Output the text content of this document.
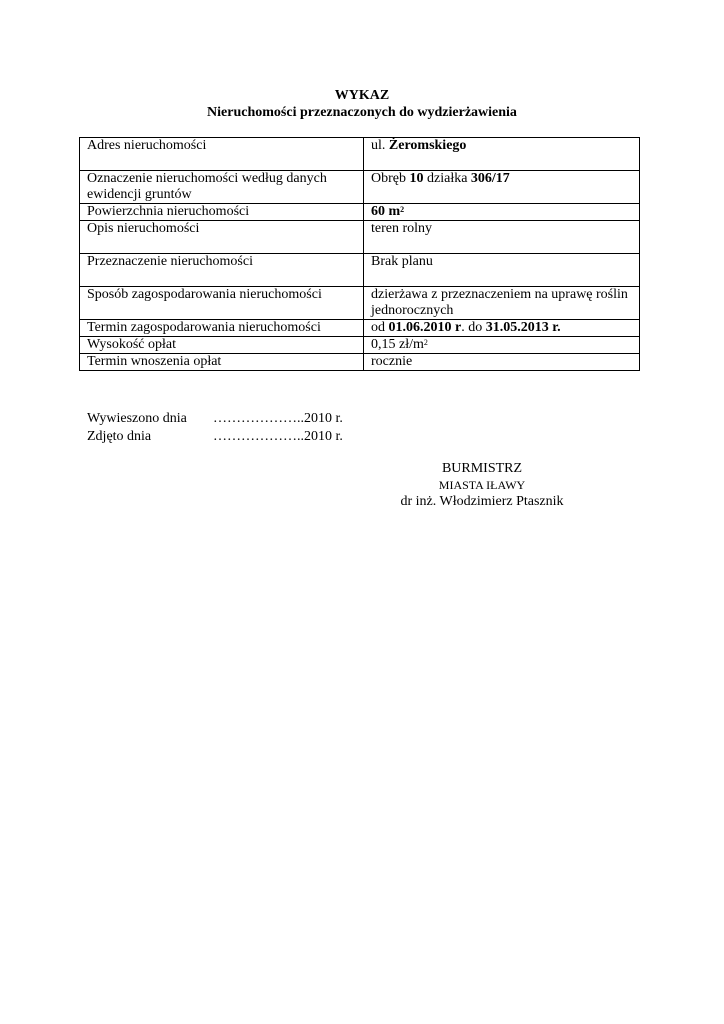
WYKAZ
Nieruchomości przeznaczonych do wydzierżawienia
Adres nieruchomości	ul. Żeromskiego
Oznaczenie nieruchomości według danych ewidencji gruntów	Obręb 10 działka 306/17
Powierzchnia nieruchomości	60 $m^2$
Opis nieruchomości	teren rolny
Przeznaczenie nieruchomości	Brak planu
Sposób zagospodarowania nieruchomości	dzierżawa z przeznaczeniem na uprawę roślin jednorocznych
Termin zagospodarowania nieruchomości	od 01.06.2010 r. do 31.05.2013 r.
Wysokość opłat	0,15 $zł/m^2$
Termin wnoszenia opłat	rocznie
Wywieszono dnia	………………..2010 r.
Zdjęto dnia	………………..2010 r.
BURMISTRZ
MIASTA IŁAWY
dr inż. Włodzimierz Ptasznik
